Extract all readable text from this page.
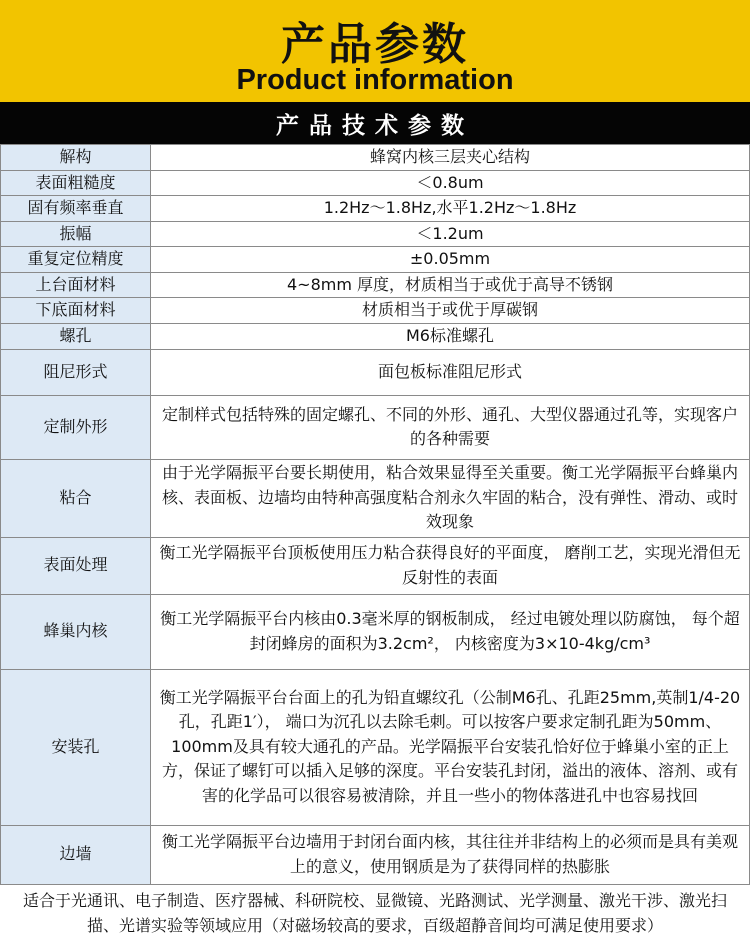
产品参数
Product information
产品技术参数
解构	蜂窝内核三层夹心结构
表面粗糙度	＜0.8um
固有频率垂直	1.2Hz～1.8Hz,水平1.2Hz～1.8Hz
振幅	＜1.2um
重复定位精度	±0.05mm
上台面材料	4~8mm 厚度，材质相当于或优于高导不锈钢
下底面材料	材质相当于或优于厚碳钢
螺孔	M6标准螺孔
阻尼形式	面包板标准阻尼形式
定制外形	定制样式包括特殊的固定螺孔、不同的外形、通孔、大型仪器通过孔等，实现客户的各种需要
粘合	由于光学隔振平台要长期使用，粘合效果显得至关重要。衡工光学隔振平台蜂巢内核、表面板、边墙均由特种高强度粘合剂永久牢固的粘合，没有弹性、滑动、或时效现象
表面处理	衡工光学隔振平台顶板使用压力粘合获得良好的平面度， 磨削工艺，实现光滑但无反射性的表面
蜂巢内核	衡工光学隔振平台内核由0.3毫米厚的钢板制成， 经过电镀处理以防腐蚀， 每个超封闭蜂房的面积为3.2cm²， 内核密度为3×10-4kg/cm³
安装孔	衡工光学隔振平台台面上的孔为铅直螺纹孔（公制M6孔、孔距25mm,英制1/4-20孔，孔距1′）， 端口为沉孔以去除毛刺。可以按客户要求定制孔距为50mm、100mm及具有较大通孔的产品。光学隔振平台安装孔恰好位于蜂巢小室的正上方，保证了螺钉可以插入足够的深度。平台安装孔封闭，溢出的液体、溶剂、或有害的化学品可以很容易被清除，并且一些小的物体落进孔中也容易找回
边墙	衡工光学隔振平台边墙用于封闭台面内核，其往往并非结构上的必须而是具有美观上的意义，使用钢质是为了获得同样的热膨胀
适合于光通讯、电子制造、医疗器械、科研院校、显微镜、光路测试、光学测量、激光干涉、激光扫描、光谱实验等领域应用（对磁场较高的要求，百级超静音间均可满足使用要求）
